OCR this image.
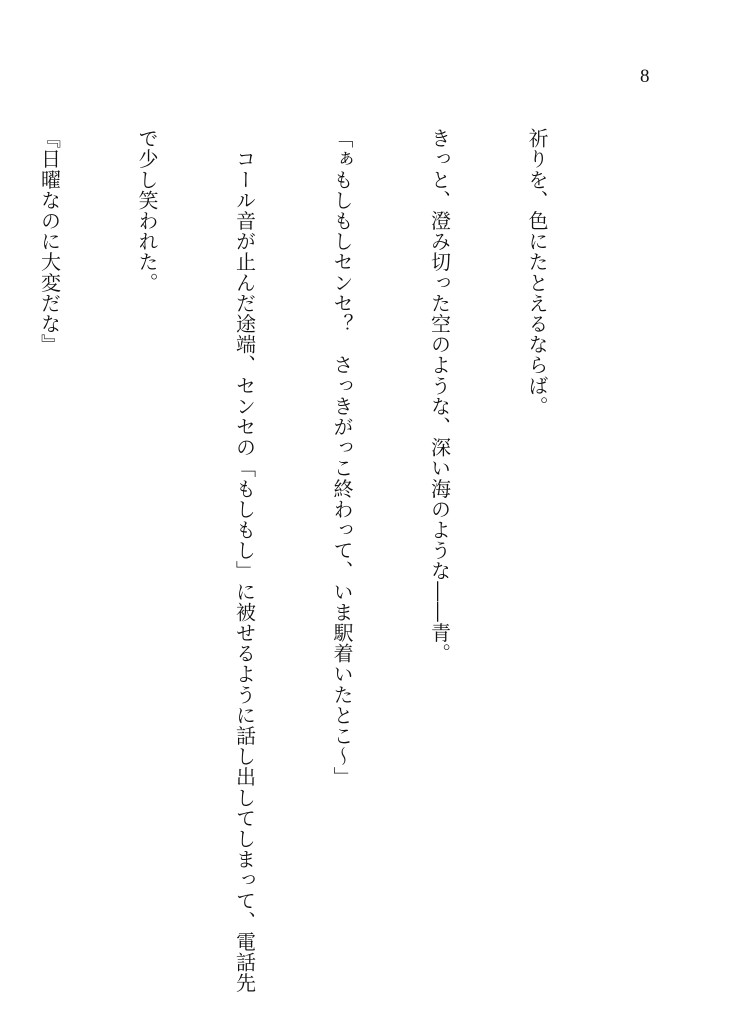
8

祈りを、色にたとえるならば。

きっと、澄み切った空のような、深い海のような――青。

「ぁもしもしセンセ？　さっきがっこ終わって、いま駅着いたとこ～」

　コール音が止んだ途端、センセの「もしもし」に被せるように話し出してしまって、電話先

で少し笑われた。

『日曜なのに大変だな』
